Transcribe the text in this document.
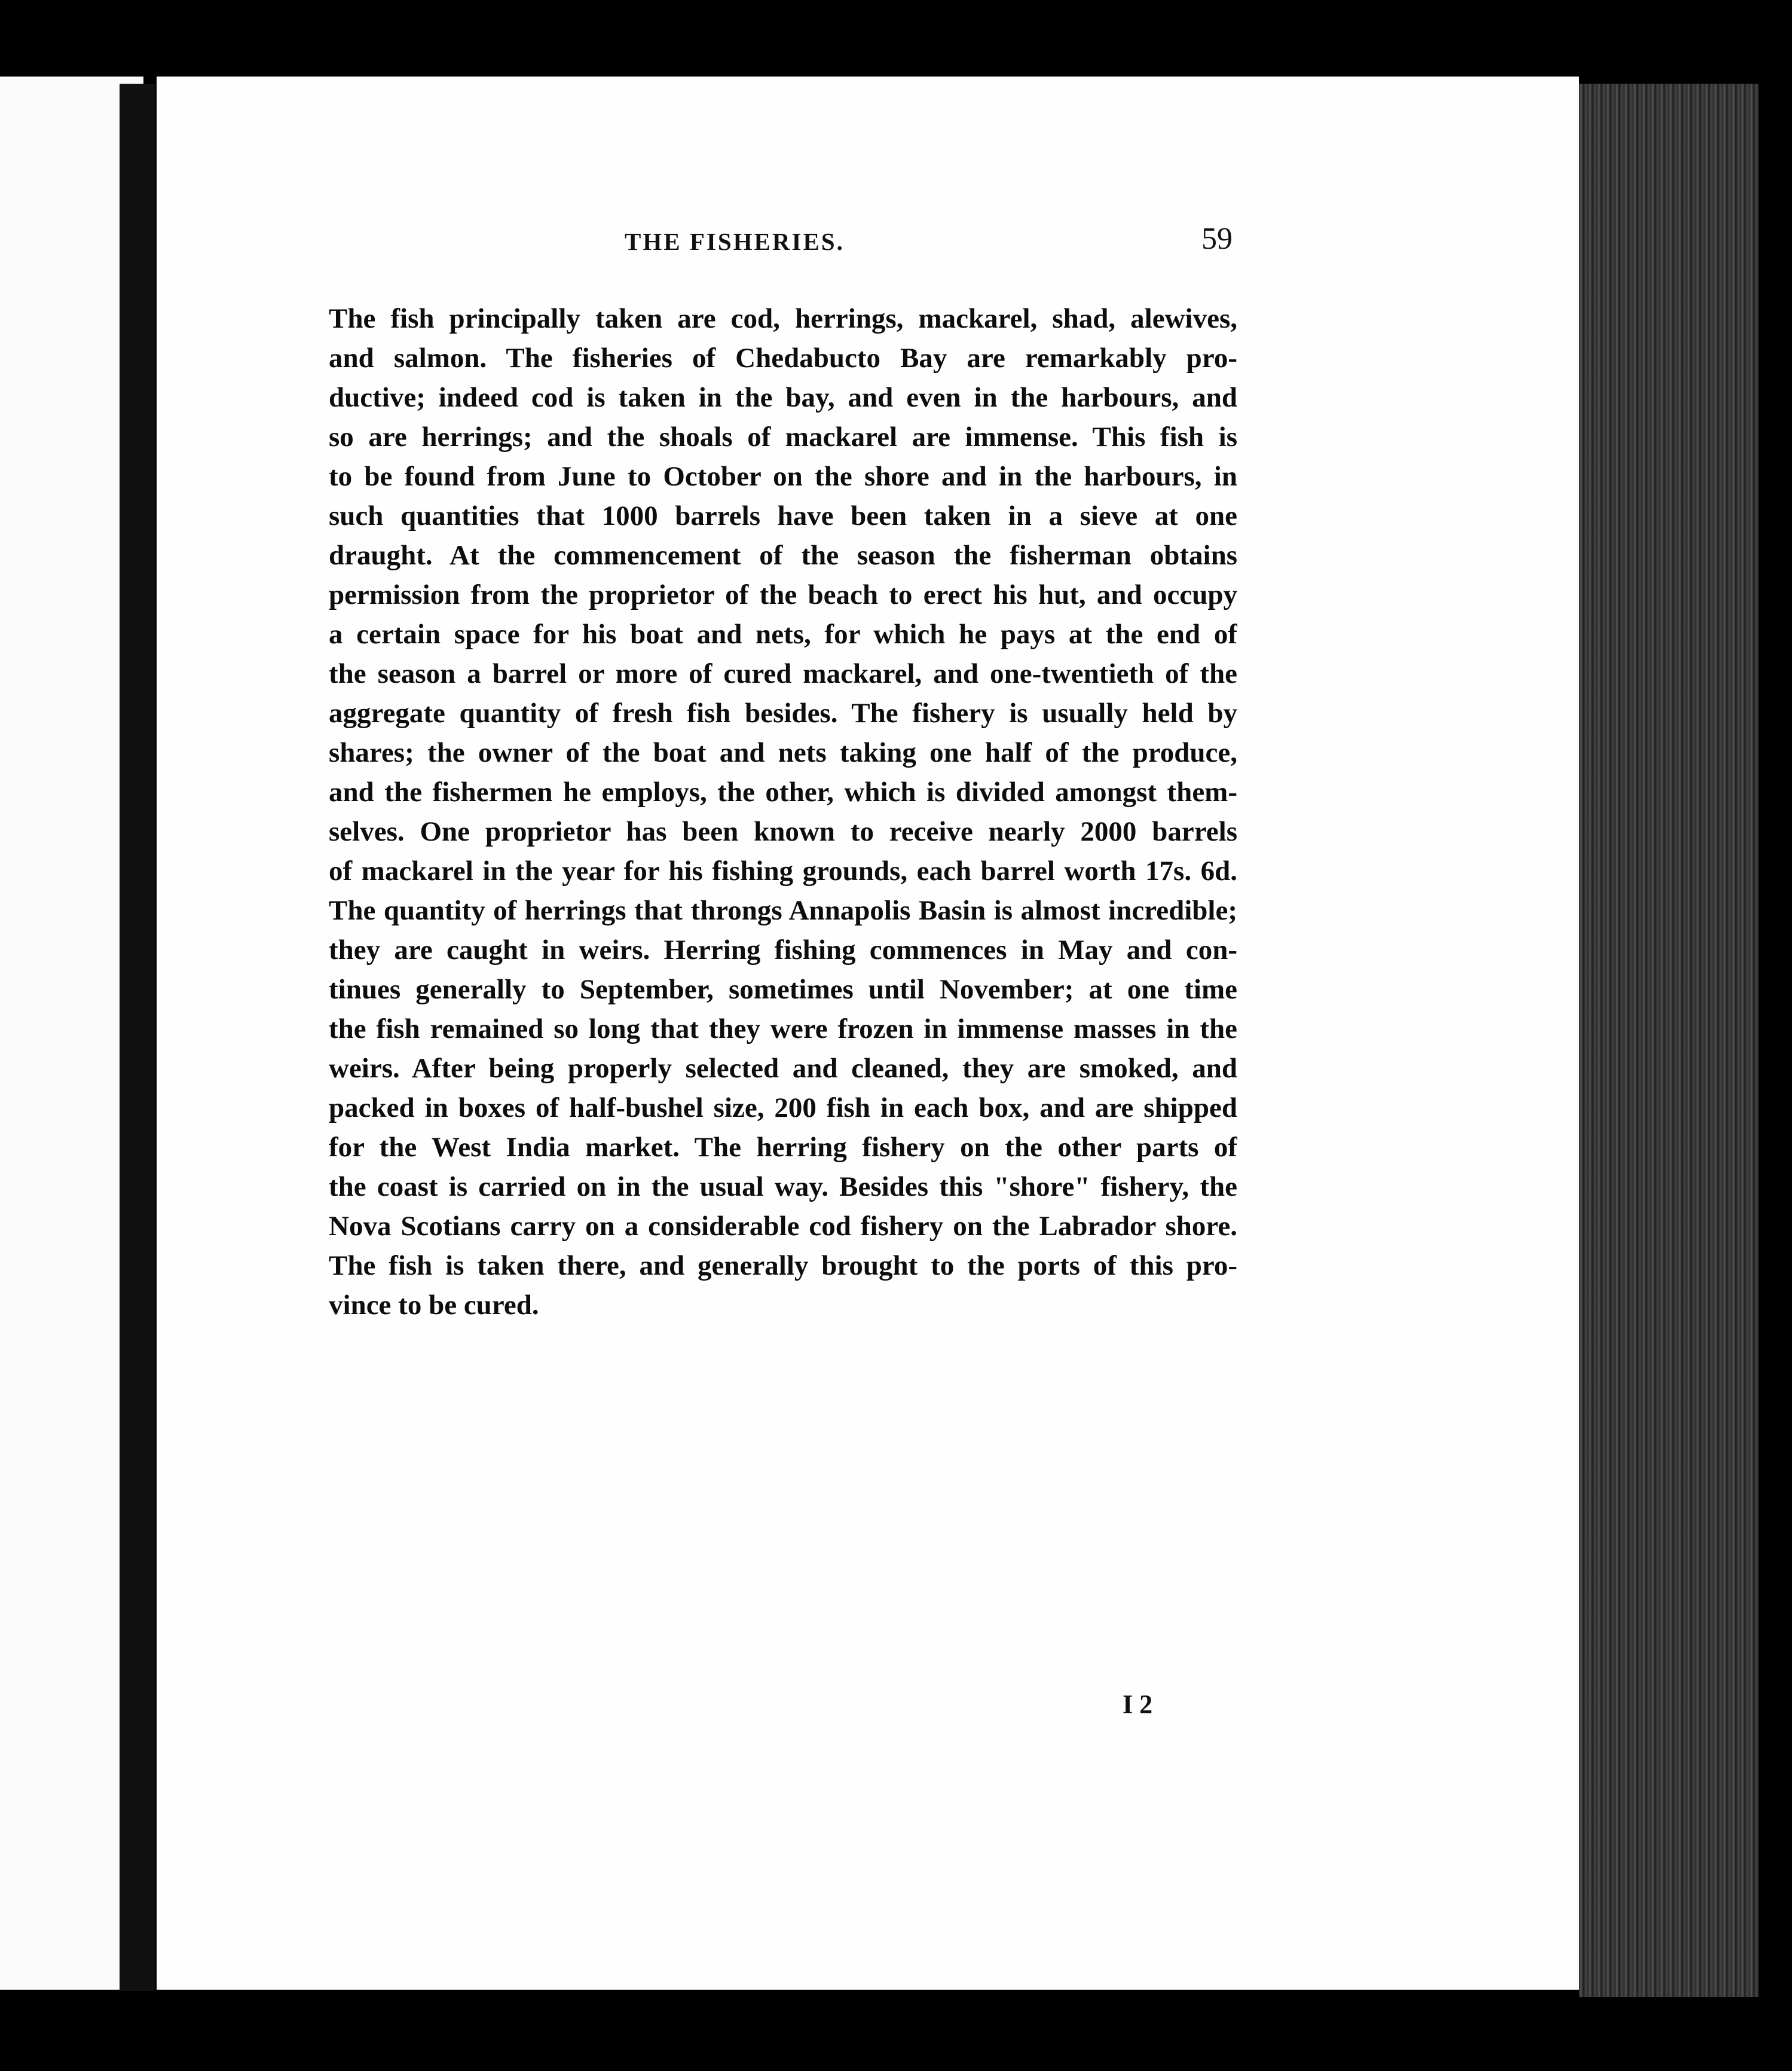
THE FISHERIES.	59
The fish principally taken are cod, herrings, mackarel, shad, alewives,
and salmon. The fisheries of Chedabucto Bay are remarkably pro-
ductive; indeed cod is taken in the bay, and even in the harbours, and
so are herrings; and the shoals of mackarel are immense. This fish is
to be found from June to October on the shore and in the harbours, in
such quantities that 1000 barrels have been taken in a sieve at one
draught. At the commencement of the season the fisherman obtains
permission from the proprietor of the beach to erect his hut, and occupy
a certain space for his boat and nets, for which he pays at the end of
the season a barrel or more of cured mackarel, and one-twentieth of the
aggregate quantity of fresh fish besides. The fishery is usually held by
shares; the owner of the boat and nets taking one half of the produce,
and the fishermen he employs, the other, which is divided amongst them-
selves. One proprietor has been known to receive nearly 2000 barrels
of mackarel in the year for his fishing grounds, each barrel worth 17s. 6d.
The quantity of herrings that throngs Annapolis Basin is almost incredible;
they are caught in weirs. Herring fishing commences in May and con-
tinues generally to September, sometimes until November; at one time
the fish remained so long that they were frozen in immense masses in the
weirs. After being properly selected and cleaned, they are smoked, and
packed in boxes of half-bushel size, 200 fish in each box, and are shipped
for the West India market. The herring fishery on the other parts of
the coast is carried on in the usual way. Besides this "shore" fishery, the
Nova Scotians carry on a considerable cod fishery on the Labrador shore.
The fish is taken there, and generally brought to the ports of this pro-
vince to be cured.
I 2
